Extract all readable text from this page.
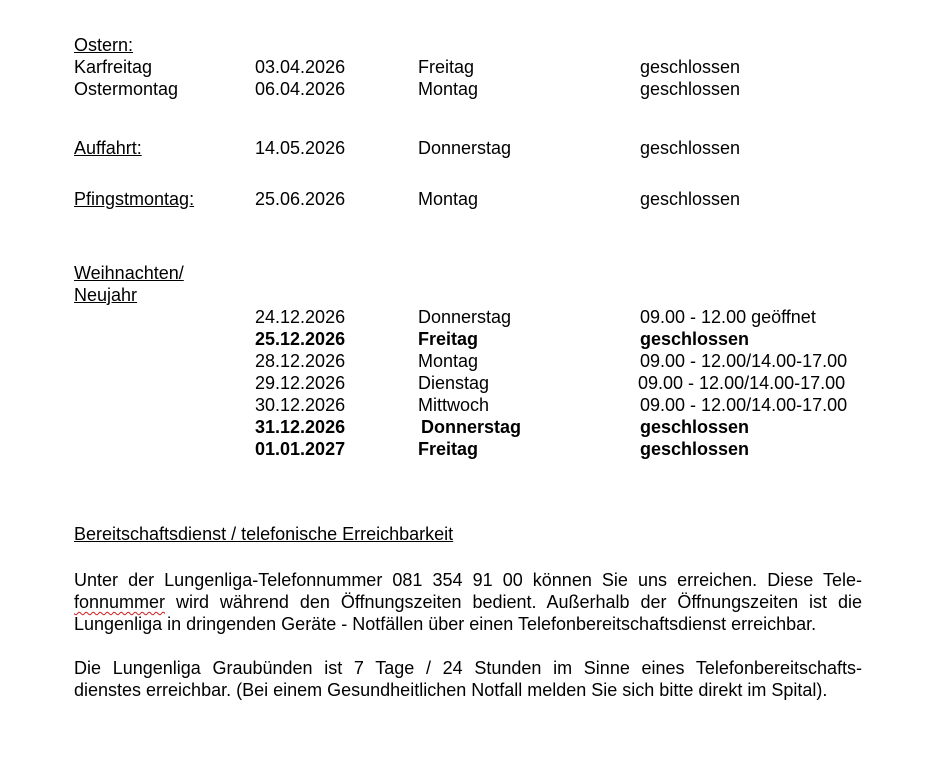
Ostern:
Karfreitag	03.04.2026	Freitag	geschlossen
Ostermontag	06.04.2026	Montag	geschlossen
Auffahrt:	14.05.2026	Donnerstag	geschlossen
Pfingstmontag:	25.06.2026	Montag	geschlossen
Weihnachten/
Neujahr
24.12.2026	Donnerstag	09.00 - 12.00 geöffnet
25.12.2026	Freitag	geschlossen
28.12.2026	Montag	09.00 - 12.00/14.00-17.00
29.12.2026	Dienstag	09.00 - 12.00/14.00-17.00
30.12.2026	Mittwoch	09.00 - 12.00/14.00-17.00
31.12.2026	Donnerstag	geschlossen
01.01.2027	Freitag	geschlossen
Bereitschaftsdienst / telefonische Erreichbarkeit
Unter der Lungenliga-Telefonnummer 081 354 91 00 können Sie uns erreichen. Diese Tele-
fonnummer wird während den Öffnungszeiten bedient. Außerhalb der Öffnungszeiten ist die
Lungenliga in dringenden Geräte - Notfällen über einen Telefonbereitschaftsdienst erreichbar.
Die Lungenliga Graubünden ist 7 Tage / 24 Stunden im Sinne eines Telefonbereitschafts-
dienstes erreichbar. (Bei einem Gesundheitlichen Notfall melden Sie sich bitte direkt im Spital).
